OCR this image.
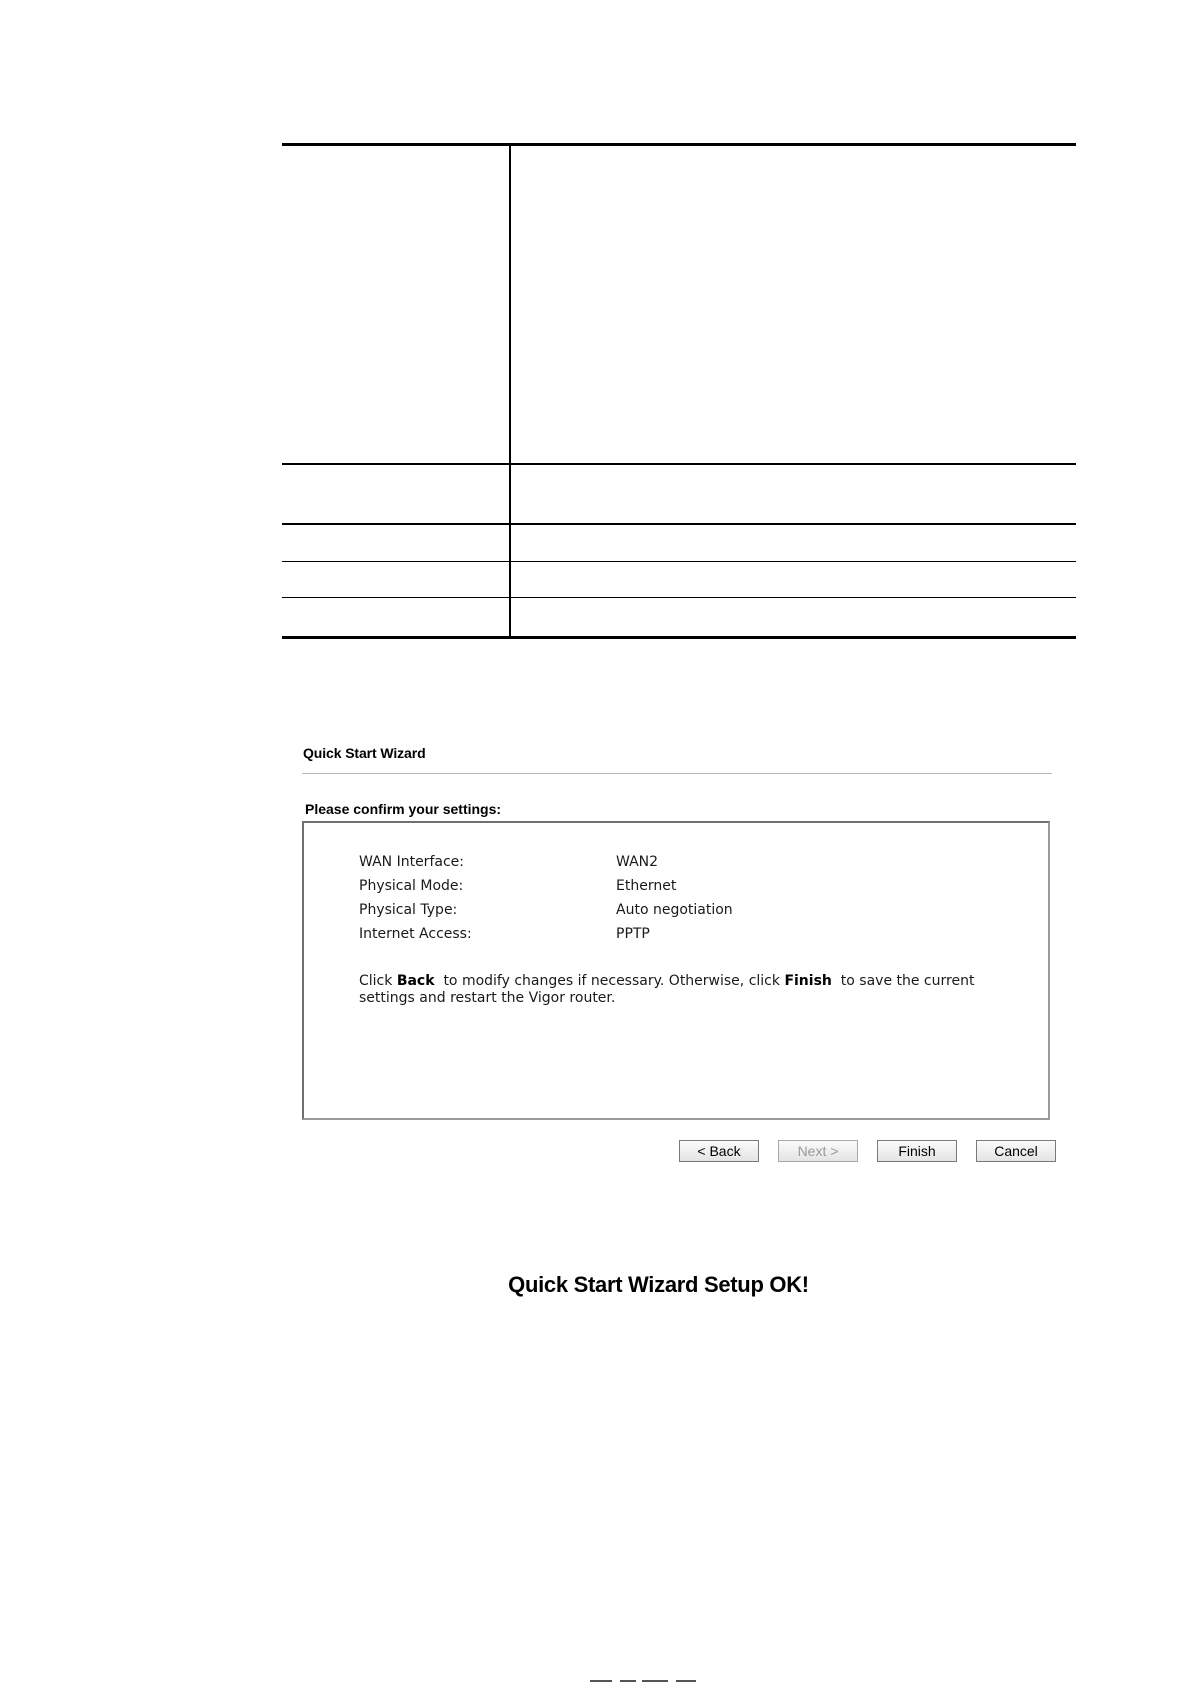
Quick Start Wizard
Please confirm your settings:
WAN Interface:	WAN2
Physical Mode:	Ethernet
Physical Type:	Auto negotiation
Internet Access:	PPTP
Click Back  to modify changes if necessary. Otherwise, click Finish  to save the current settings and restart the Vigor router.
< Back	Next >	Finish	Cancel
Quick Start Wizard Setup OK!
